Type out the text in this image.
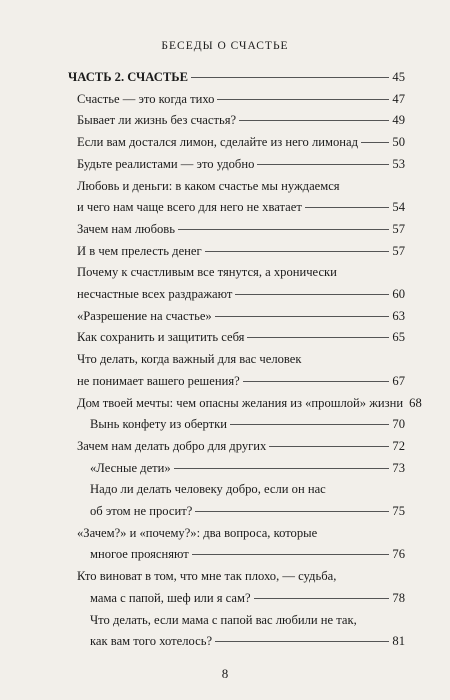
БЕСЕДЫ О СЧАСТЬЕ
ЧАСТЬ 2. СЧАСТЬЕ	45
Счастье — это когда тихо	47
Бывает ли жизнь без счастья?	49
Если вам достался лимон, сделайте из него лимонад	50
Будьте реалистами — это удобно	53
Любовь и деньги: в каком счастье мы нуждаемся
и чего нам чаще всего для него не хватает	54
Зачем нам любовь	57
И в чем прелесть денег	57
Почему к счастливым все тянутся, а хронически
несчастные всех раздражают	60
«Разрешение на счастье»	63
Как сохранить и защитить себя	65
Что делать, когда важный для вас человек
не понимает вашего решения?	67
Дом твоей мечты: чем опасны желания из «прошлой» жизни 68
Вынь конфету из обертки	70
Зачем нам делать добро для других	72
«Лесные дети»	73
Надо ли делать человеку добро, если он нас
об этом не просит?	75
«Зачем?» и «почему?»: два вопроса, которые
многое проясняют	76
Кто виноват в том, что мне так плохо, — судьба,
мама с папой, шеф или я сам?	78
Что делать, если мама с папой вас любили не так,
как вам того хотелось?	81
8
